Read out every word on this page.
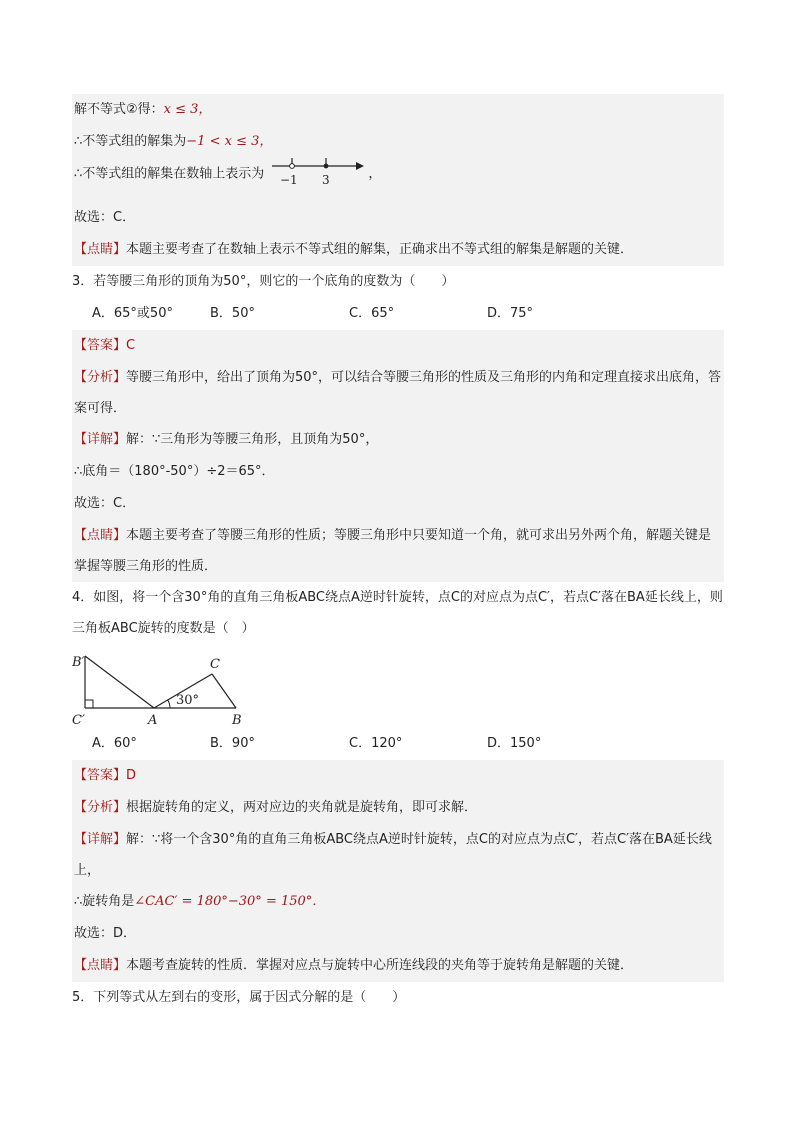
解不等式②得：x ≤ 3，
∴不等式组的解集为−1 < x ≤ 3，
∴不等式组的解集在数轴上表示为 −1 3	，
故选：C．
【点睛】本题主要考查了在数轴上表示不等式组的解集，正确求出不等式组的解集是解题的关键．
3．若等腰三角形的顶角为50°，则它的一个底角的度数为（　　）
A．65°或50°	B．50°	C．65°	D．75°
【答案】C
【分析】等腰三角形中，给出了顶角为50°，可以结合等腰三角形的性质及三角形的内角和定理直接求出底角，答案可得．
【详解】解：∵三角形为等腰三角形，且顶角为50°，
∴底角＝（180°-50°）÷2＝65°．
故选：C．
【点睛】本题主要考查了等腰三角形的性质；等腰三角形中只要知道一个角，就可求出另外两个角，解题关键是掌握等腰三角形的性质．
4．如图，将一个含30°角的直角三角板ABC绕点A逆时针旋转，点C的对应点为点C′，若点C′落在BA延长线上，则三角板ABC旋转的度数是（　）
B′
C′	A	B
C
30°
A．60°	B．90°	C．120°	D．150°
【答案】D
【分析】根据旋转角的定义，两对应边的夹角就是旋转角，即可求解．
【详解】解：∵将一个含30°角的直角三角板ABC绕点A逆时针旋转，点C的对应点为点C′，若点C′落在BA延长线上，
∴旋转角是∠CAC′ = 180°−30° = 150°．
故选：D．
【点睛】本题考查旋转的性质．掌握对应点与旋转中心所连线段的夹角等于旋转角是解题的关键．
5．下列等式从左到右的变形，属于因式分解的是（　　）
